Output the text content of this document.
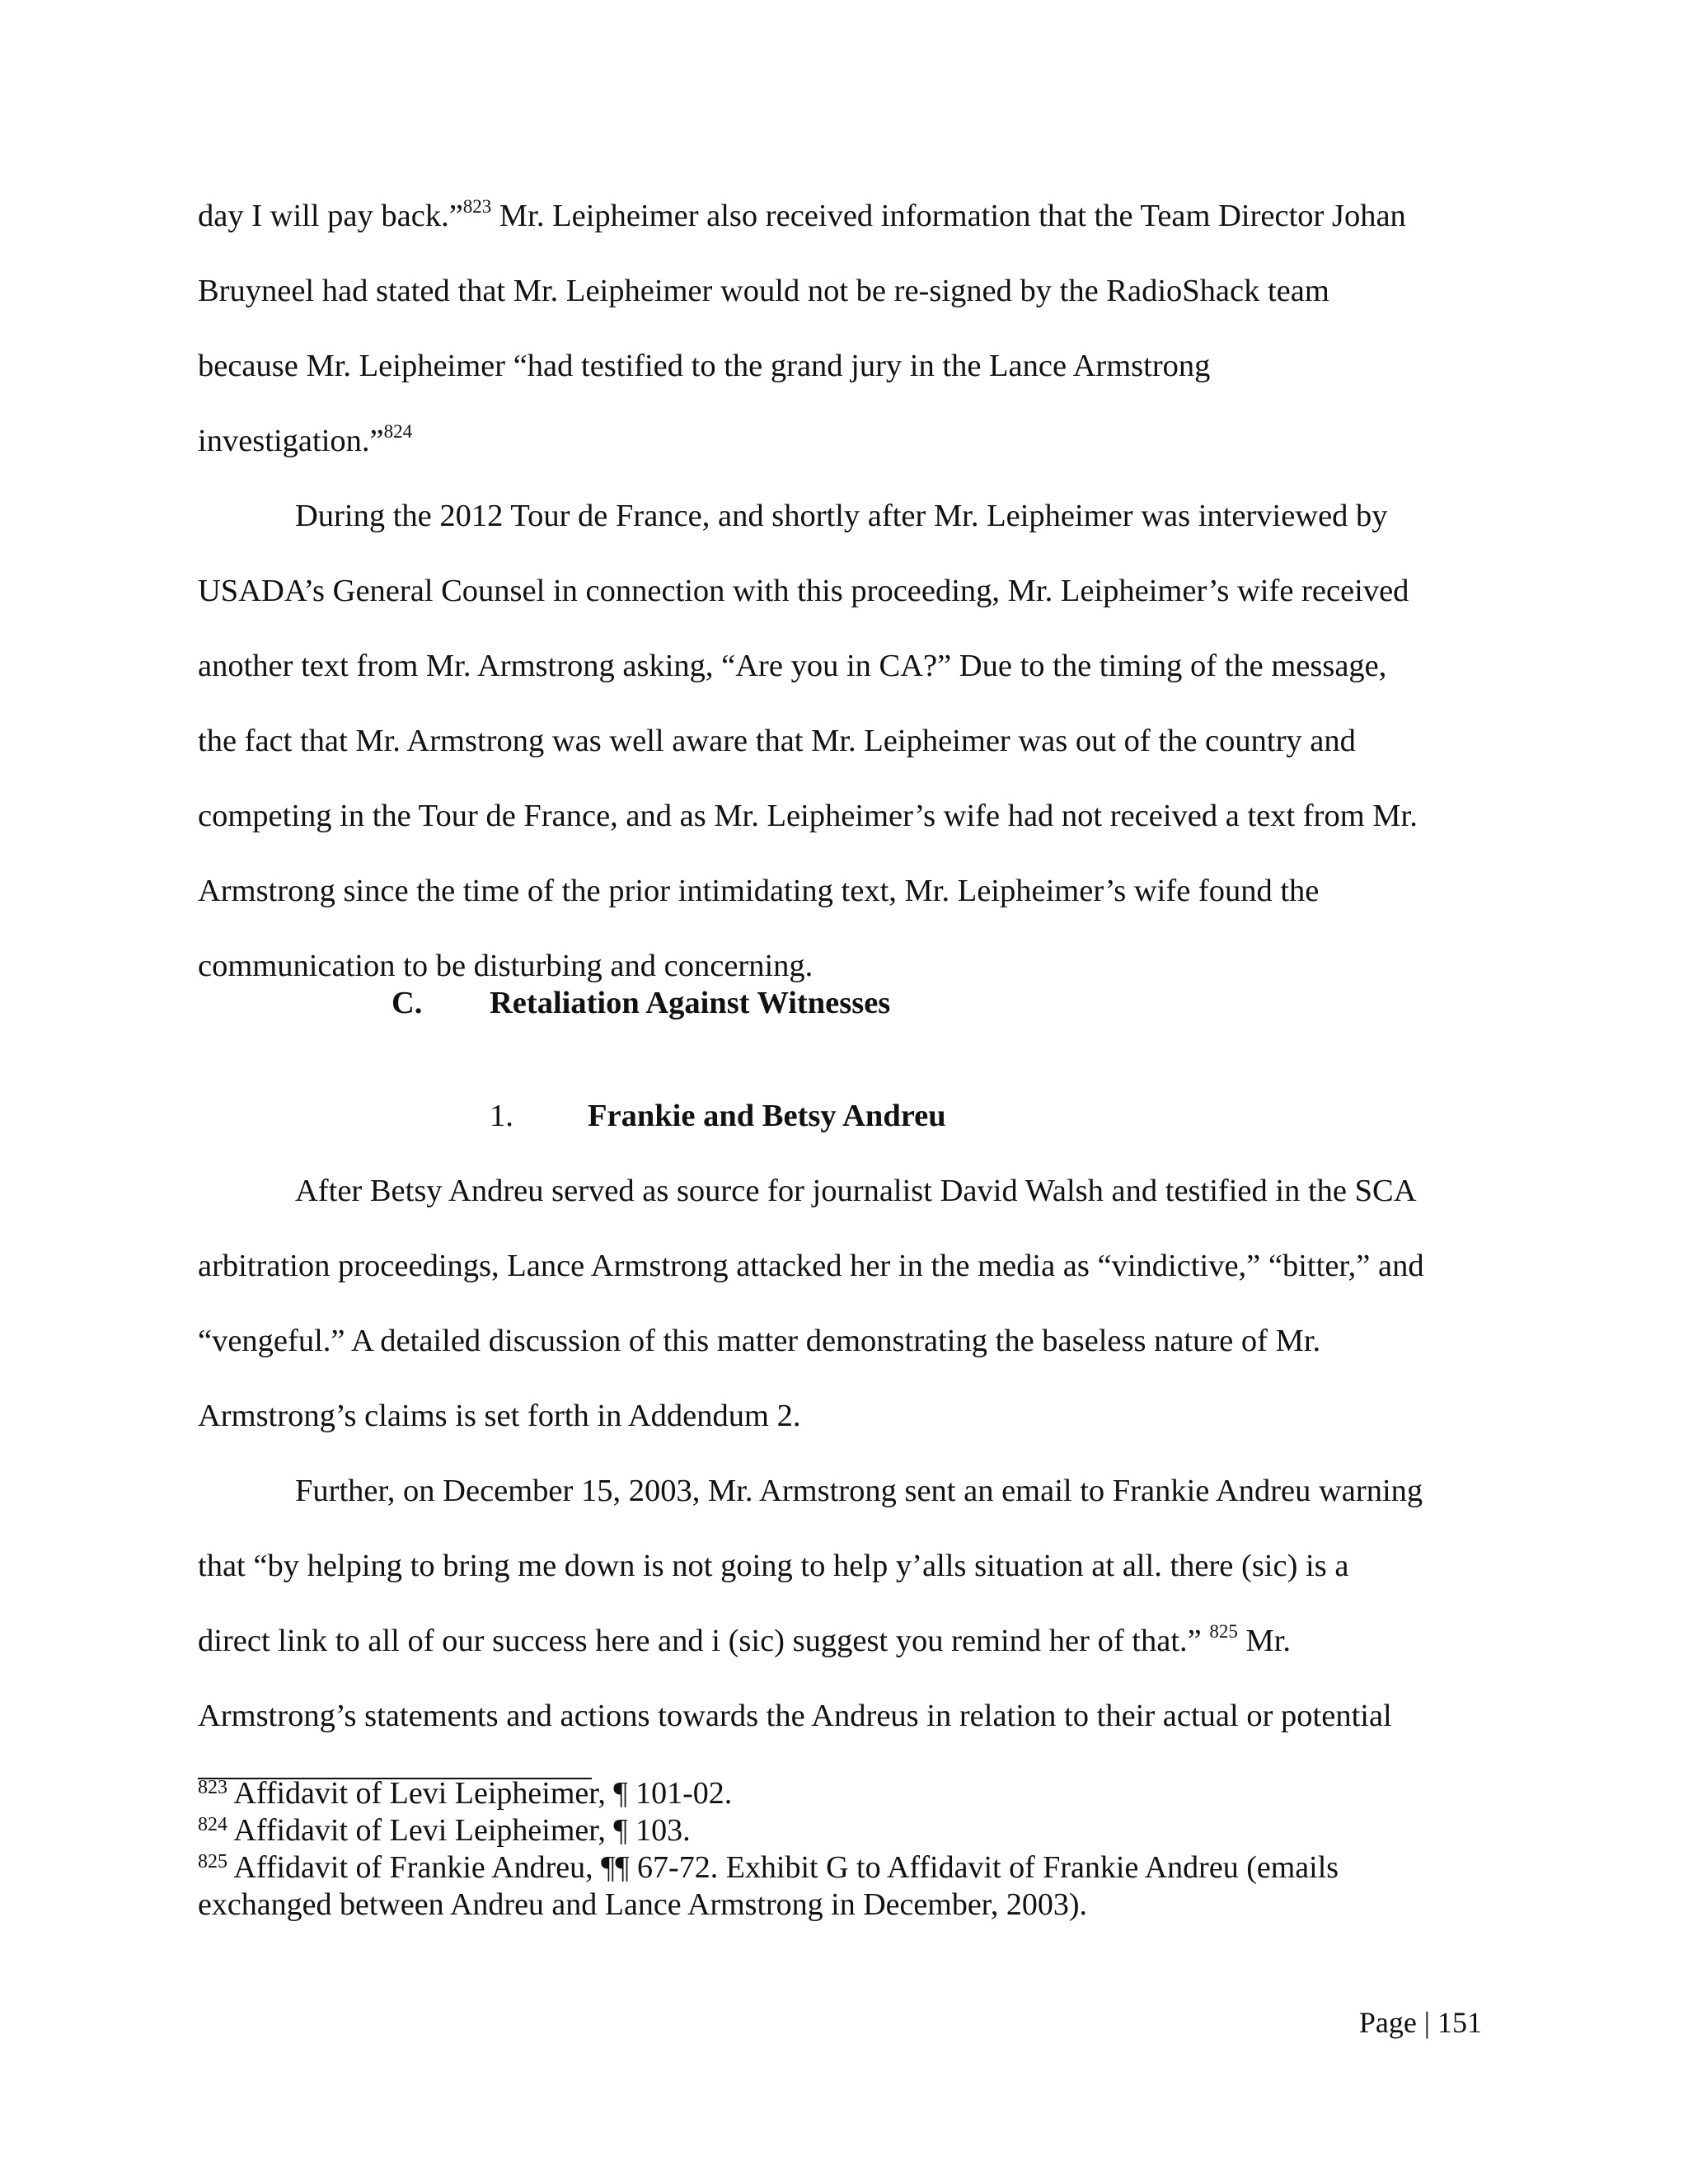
day I will pay back.”$^{823}$ Mr. Leipheimer also received information that the Team Director Johan
Bruyneel had stated that Mr. Leipheimer would not be re-signed by the RadioShack team
because Mr. Leipheimer “had testified to the grand jury in the Lance Armstrong
investigation.”$^{824}$
During the 2012 Tour de France, and shortly after Mr. Leipheimer was interviewed by
USADA’s General Counsel in connection with this proceeding, Mr. Leipheimer’s wife received
another text from Mr. Armstrong asking, “Are you in CA?” Due to the timing of the message,
the fact that Mr. Armstrong was well aware that Mr. Leipheimer was out of the country and
competing in the Tour de France, and as Mr. Leipheimer’s wife had not received a text from Mr.
Armstrong since the time of the prior intimidating text, Mr. Leipheimer’s wife found the
communication to be disturbing and concerning.
C. Retaliation Against Witnesses
1. Frankie and Betsy Andreu
After Betsy Andreu served as source for journalist David Walsh and testified in the SCA
arbitration proceedings, Lance Armstrong attacked her in the media as “vindictive,” “bitter,” and
“vengeful.” A detailed discussion of this matter demonstrating the baseless nature of Mr.
Armstrong’s claims is set forth in Addendum 2.
Further, on December 15, 2003, Mr. Armstrong sent an email to Frankie Andreu warning
that “by helping to bring me down is not going to help y’alls situation at all. there (sic) is a
direct link to all of our success here and i (sic) suggest you remind her of that.” $^{825}$ Mr.
Armstrong’s statements and actions towards the Andreus in relation to their actual or potential
$^{823}$ Affidavit of Levi Leipheimer, ¶ 101-02.
$^{824}$ Affidavit of Levi Leipheimer, ¶ 103.
$^{825}$ Affidavit of Frankie Andreu, ¶¶ 67-72. Exhibit G to Affidavit of Frankie Andreu (emails
exchanged between Andreu and Lance Armstrong in December, 2003).
Page | 151
